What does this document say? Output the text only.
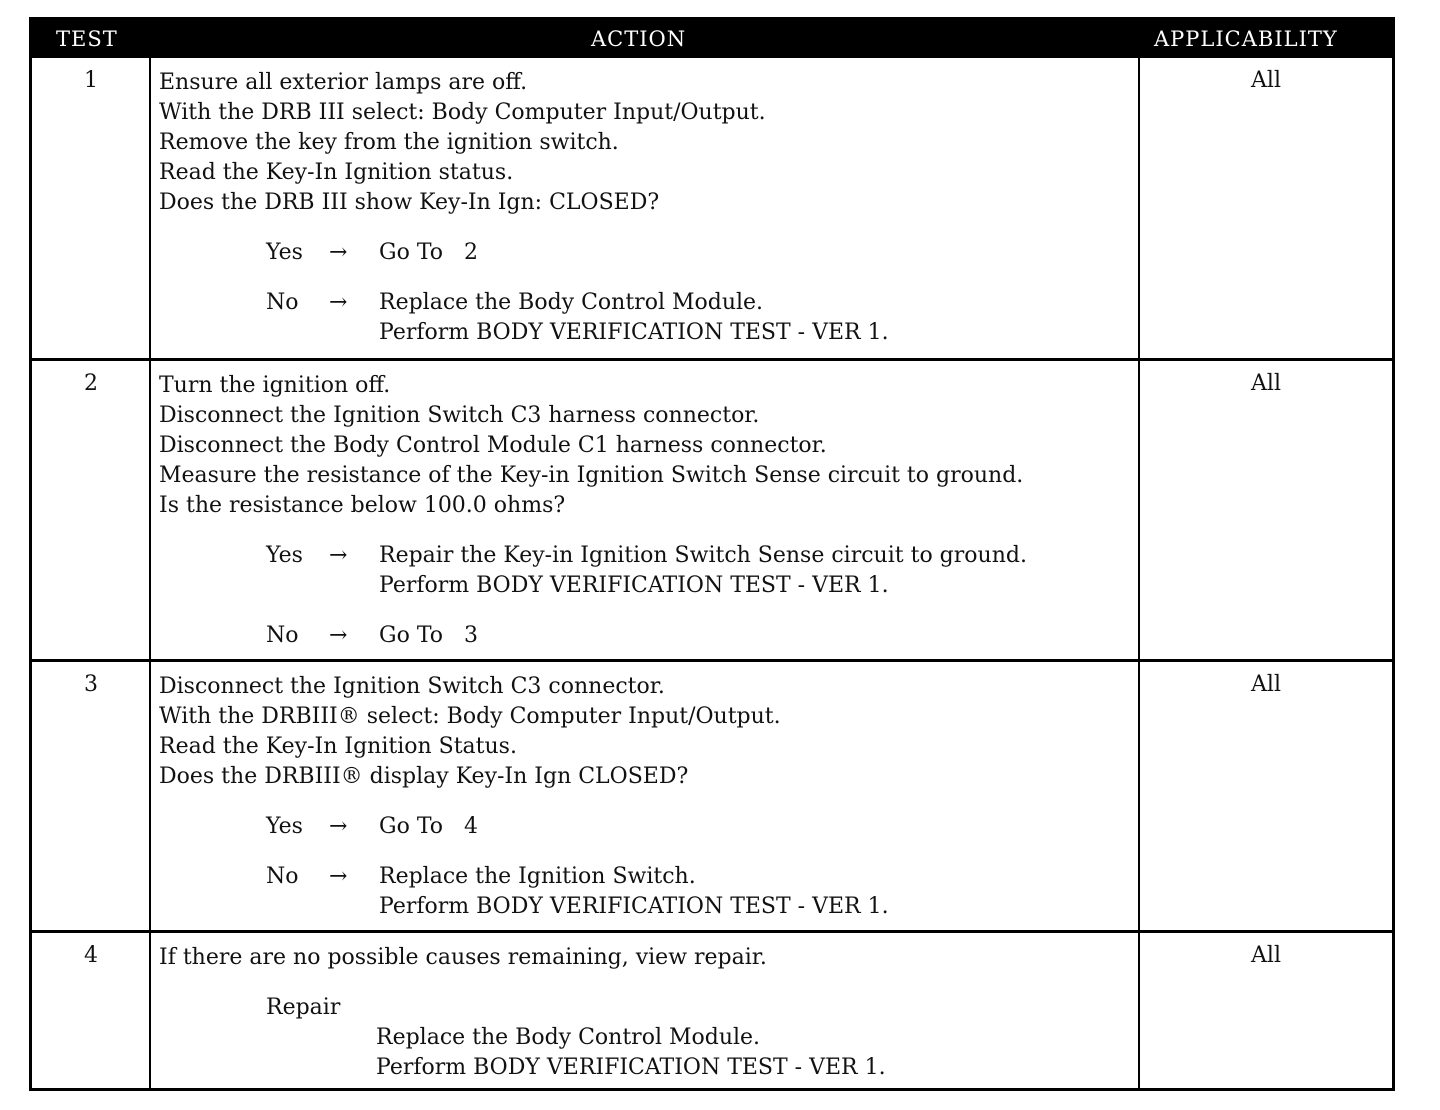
TEST	ACTION	APPLICABILITY
1	Ensure all exterior lamps are off.
With the DRB III select: Body Computer Input/Output.
Remove the key from the ignition switch.
Read the Key-In Ignition status.
Does the DRB III show Key-In Ign: CLOSED?
Yes → Go To   2
No → Replace the Body Control Module.
Perform BODY VERIFICATION TEST - VER 1.
All
2	Turn the ignition off.
Disconnect the Ignition Switch C3 harness connector.
Disconnect the Body Control Module C1 harness connector.
Measure the resistance of the Key-in Ignition Switch Sense circuit to ground.
Is the resistance below 100.0 ohms?
Yes → Repair the Key-in Ignition Switch Sense circuit to ground.
Perform BODY VERIFICATION TEST - VER 1.
No → Go To   3
All
3	Disconnect the Ignition Switch C3 connector.
With the DRBIII® select: Body Computer Input/Output.
Read the Key-In Ignition Status.
Does the DRBIII® display Key-In Ign CLOSED?
Yes → Go To   4
No → Replace the Ignition Switch.
Perform BODY VERIFICATION TEST - VER 1.
All
4	If there are no possible causes remaining, view repair.
Repair
Replace the Body Control Module.
Perform BODY VERIFICATION TEST - VER 1.
All
